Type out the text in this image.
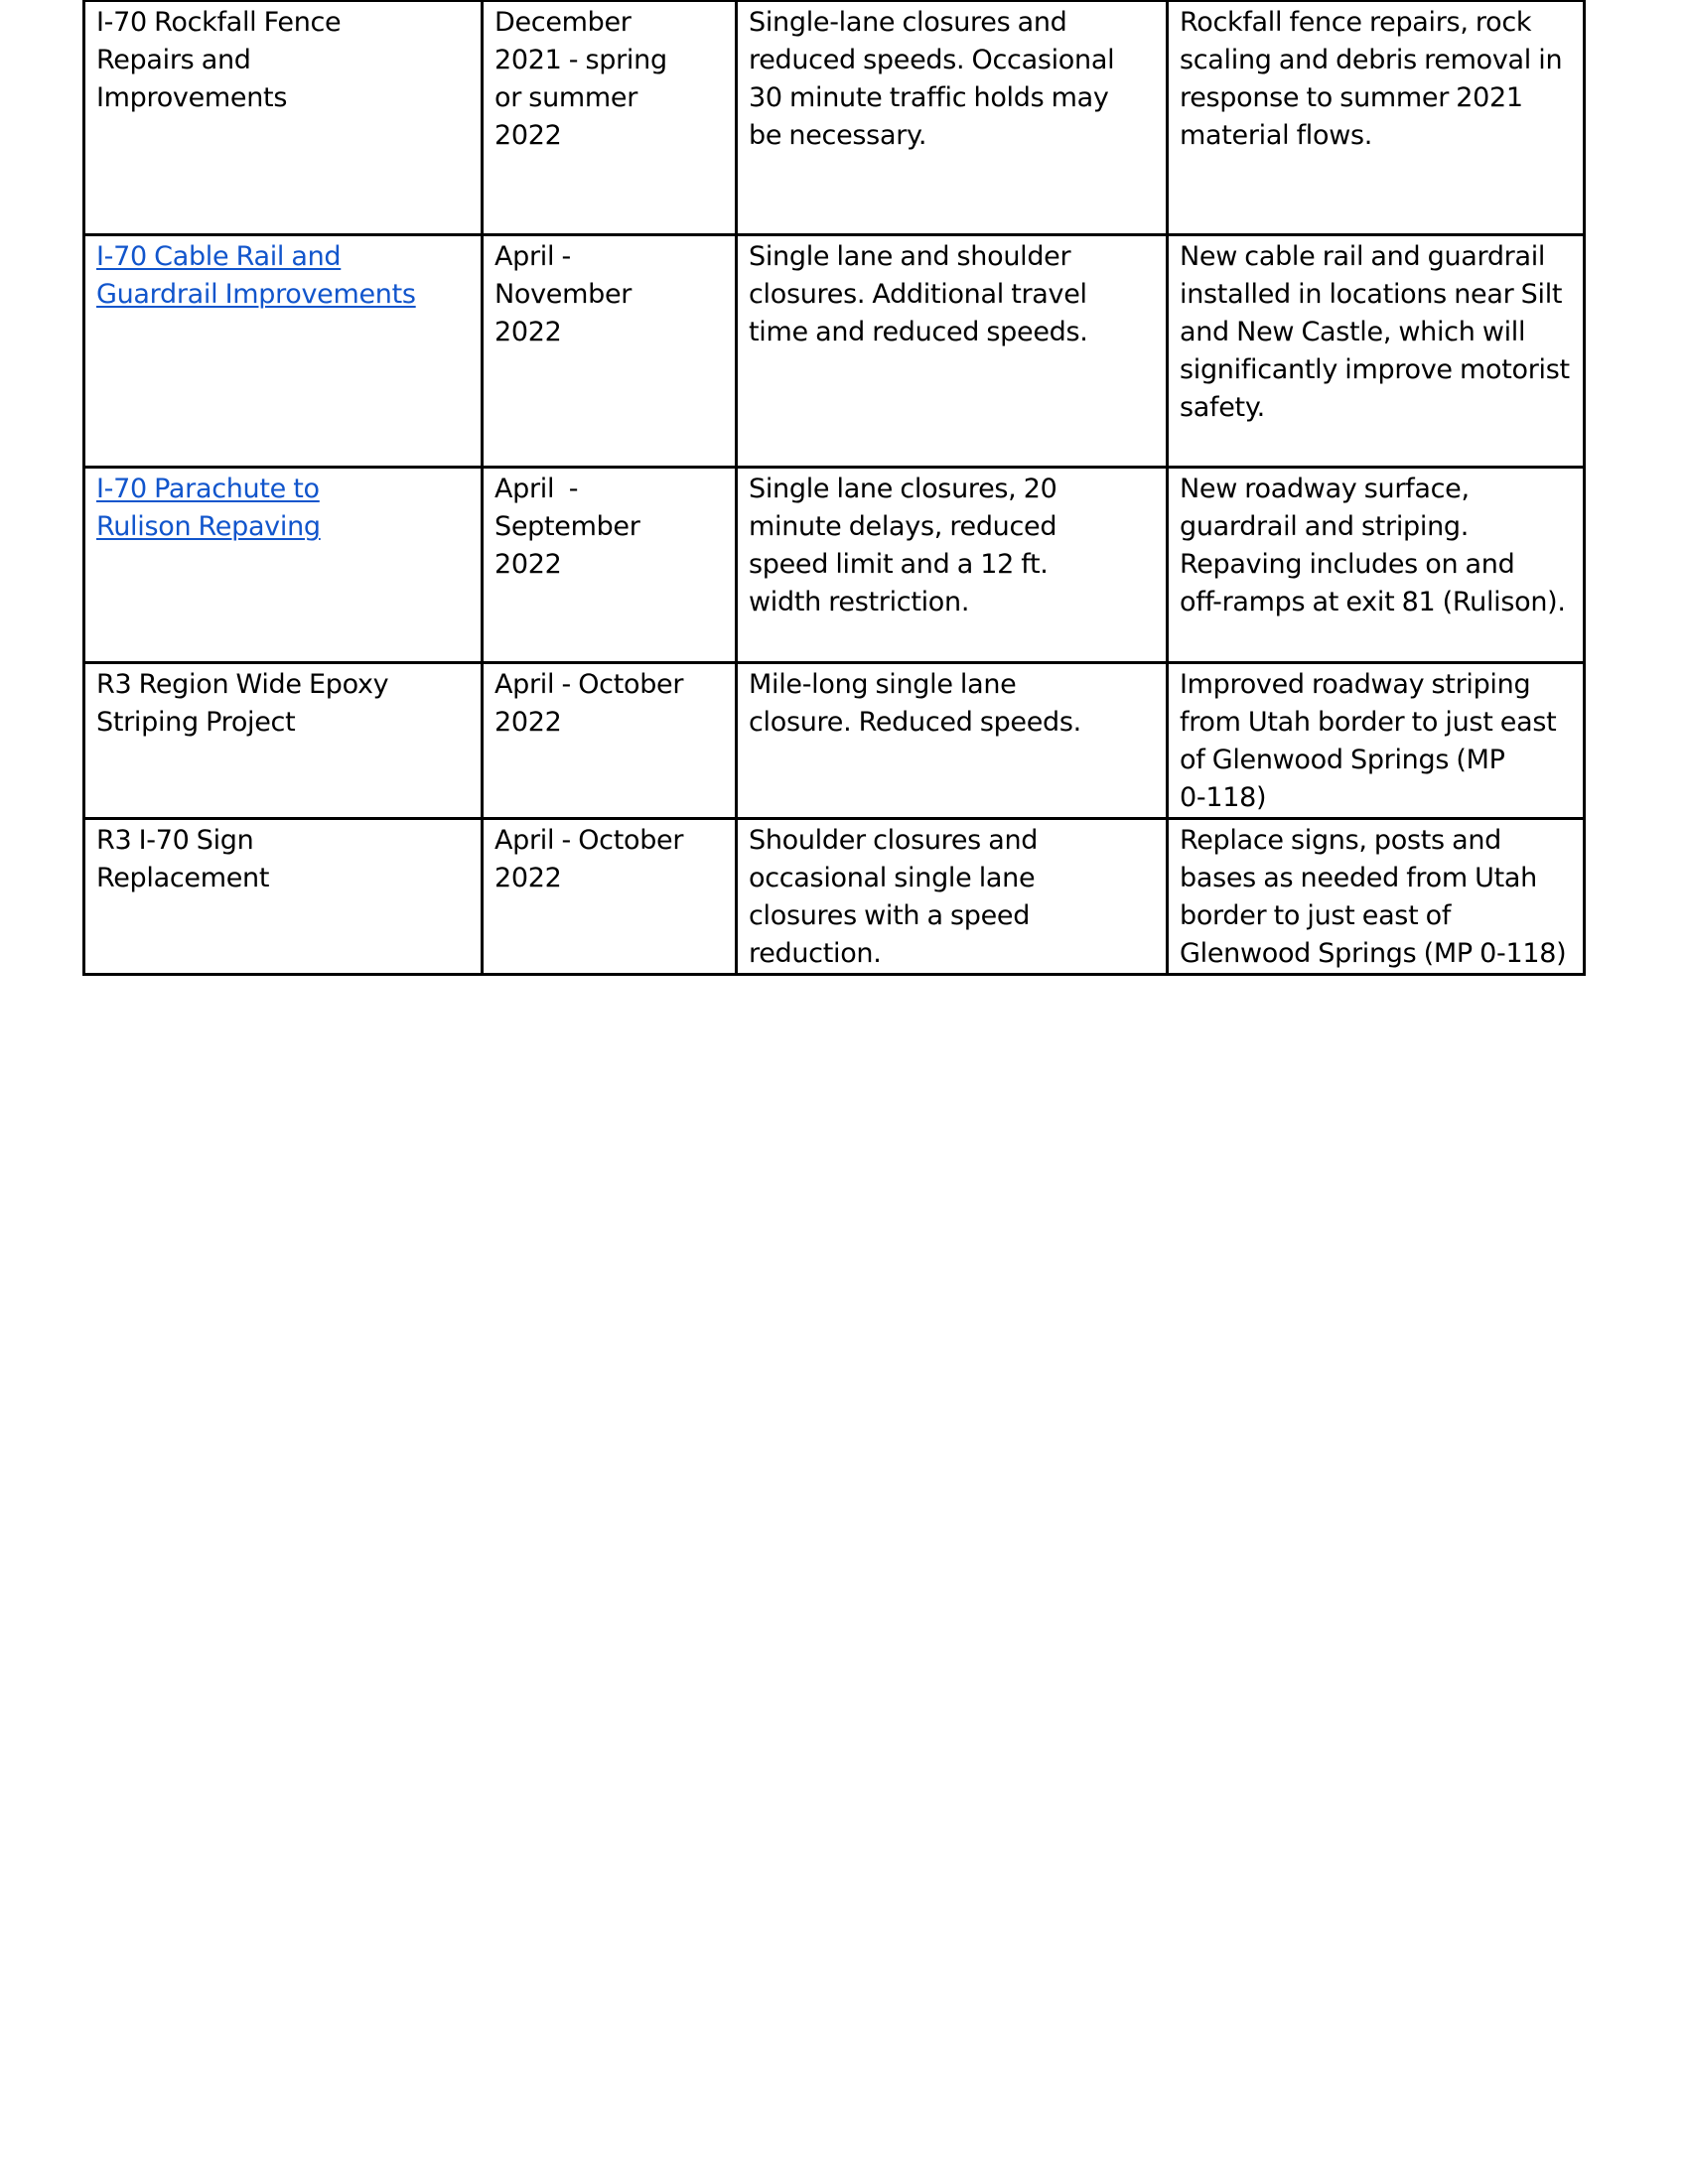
I-70 Rockfall Fence
Repairs and
Improvements	December
2021 - spring
or summer
2022	Single-lane closures and
reduced speeds. Occasional
30 minute traffic holds may
be necessary.	Rockfall fence repairs, rock
scaling and debris removal in
response to summer 2021
material flows.

I-70 Cable Rail and
Guardrail Improvements	April -
November
2022	Single lane and shoulder
closures. Additional travel
time and reduced speeds.	New cable rail and guardrail
installed in locations near Silt
and New Castle, which will
significantly improve motorist
safety.

I-70 Parachute to
Rulison Repaving	April  -
September
2022	Single lane closures, 20
minute delays, reduced
speed limit and a 12 ft.
width restriction.	New roadway surface,
guardrail and striping.
Repaving includes on and
off-ramps at exit 81 (Rulison).

R3 Region Wide Epoxy
Striping Project	April - October
2022	Mile-long single lane
closure. Reduced speeds.	Improved roadway striping
from Utah border to just east
of Glenwood Springs (MP
0-118)

R3 I-70 Sign
Replacement	April - October
2022	Shoulder closures and
occasional single lane
closures with a speed
reduction.	Replace signs, posts and
bases as needed from Utah
border to just east of
Glenwood Springs (MP 0-118)
